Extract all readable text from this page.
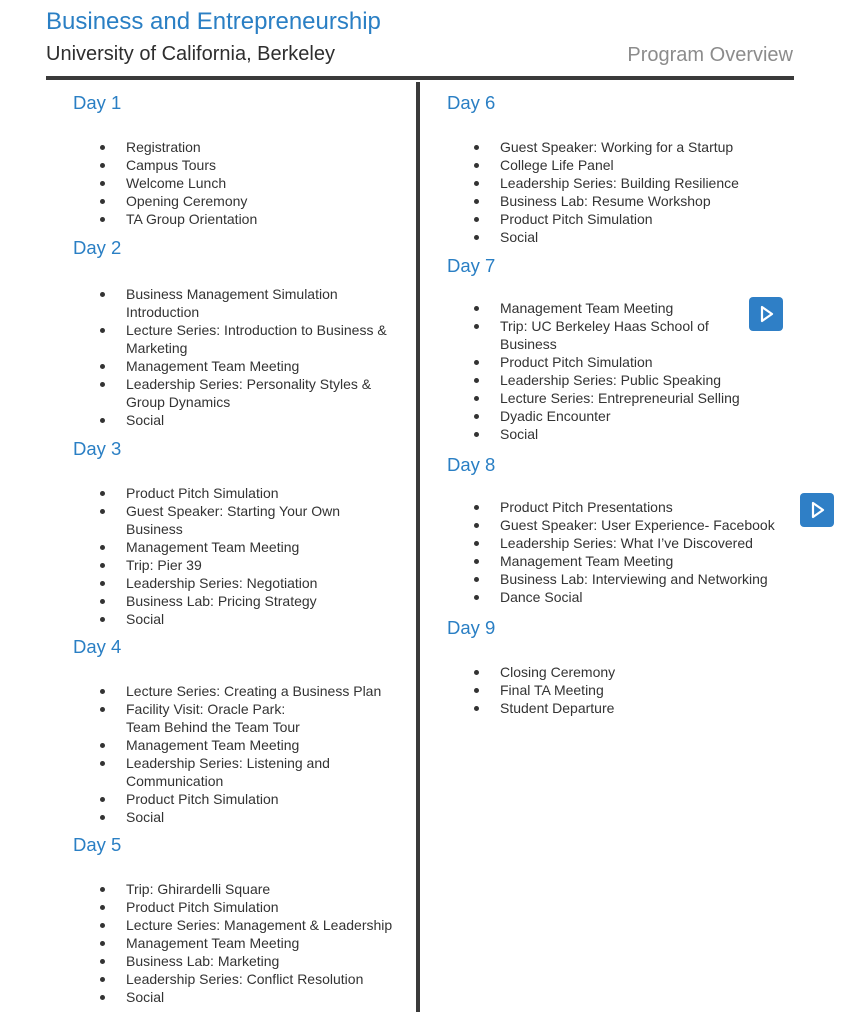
Business and Entrepreneurship
University of California, Berkeley	Program Overview
Day 1
Registration
Campus Tours
Welcome Lunch
Opening Ceremony
TA Group Orientation
Day 2
Business Management Simulation Introduction
Lecture Series: Introduction to Business & Marketing
Management Team Meeting
Leadership Series: Personality Styles & Group Dynamics
Social
Day 3
Product Pitch Simulation
Guest Speaker: Starting Your Own Business
Management Team Meeting
Trip: Pier 39
Leadership Series: Negotiation
Business Lab: Pricing Strategy
Social
Day 4
Lecture Series: Creating a Business Plan
Facility Visit: Oracle Park:
Team Behind the Team Tour
Management Team Meeting
Leadership Series: Listening and Communication
Product Pitch Simulation
Social
Day 5
Trip: Ghirardelli Square
Product Pitch Simulation
Lecture Series: Management & Leadership
Management Team Meeting
Business Lab: Marketing
Leadership Series: Conflict Resolution
Social
Day 6
Guest Speaker: Working for a Startup
College Life Panel
Leadership Series: Building Resilience
Business Lab: Resume Workshop
Product Pitch Simulation
Social
Day 7
Management Team Meeting
Trip: UC Berkeley Haas School of Business
Product Pitch Simulation
Leadership Series: Public Speaking
Lecture Series: Entrepreneurial Selling
Dyadic Encounter
Social
Day 8
Product Pitch Presentations
Guest Speaker: User Experience- Facebook
Leadership Series: What I’ve Discovered
Management Team Meeting
Business Lab: Interviewing and Networking
Dance Social
Day 9
Closing Ceremony
Final TA Meeting
Student Departure
